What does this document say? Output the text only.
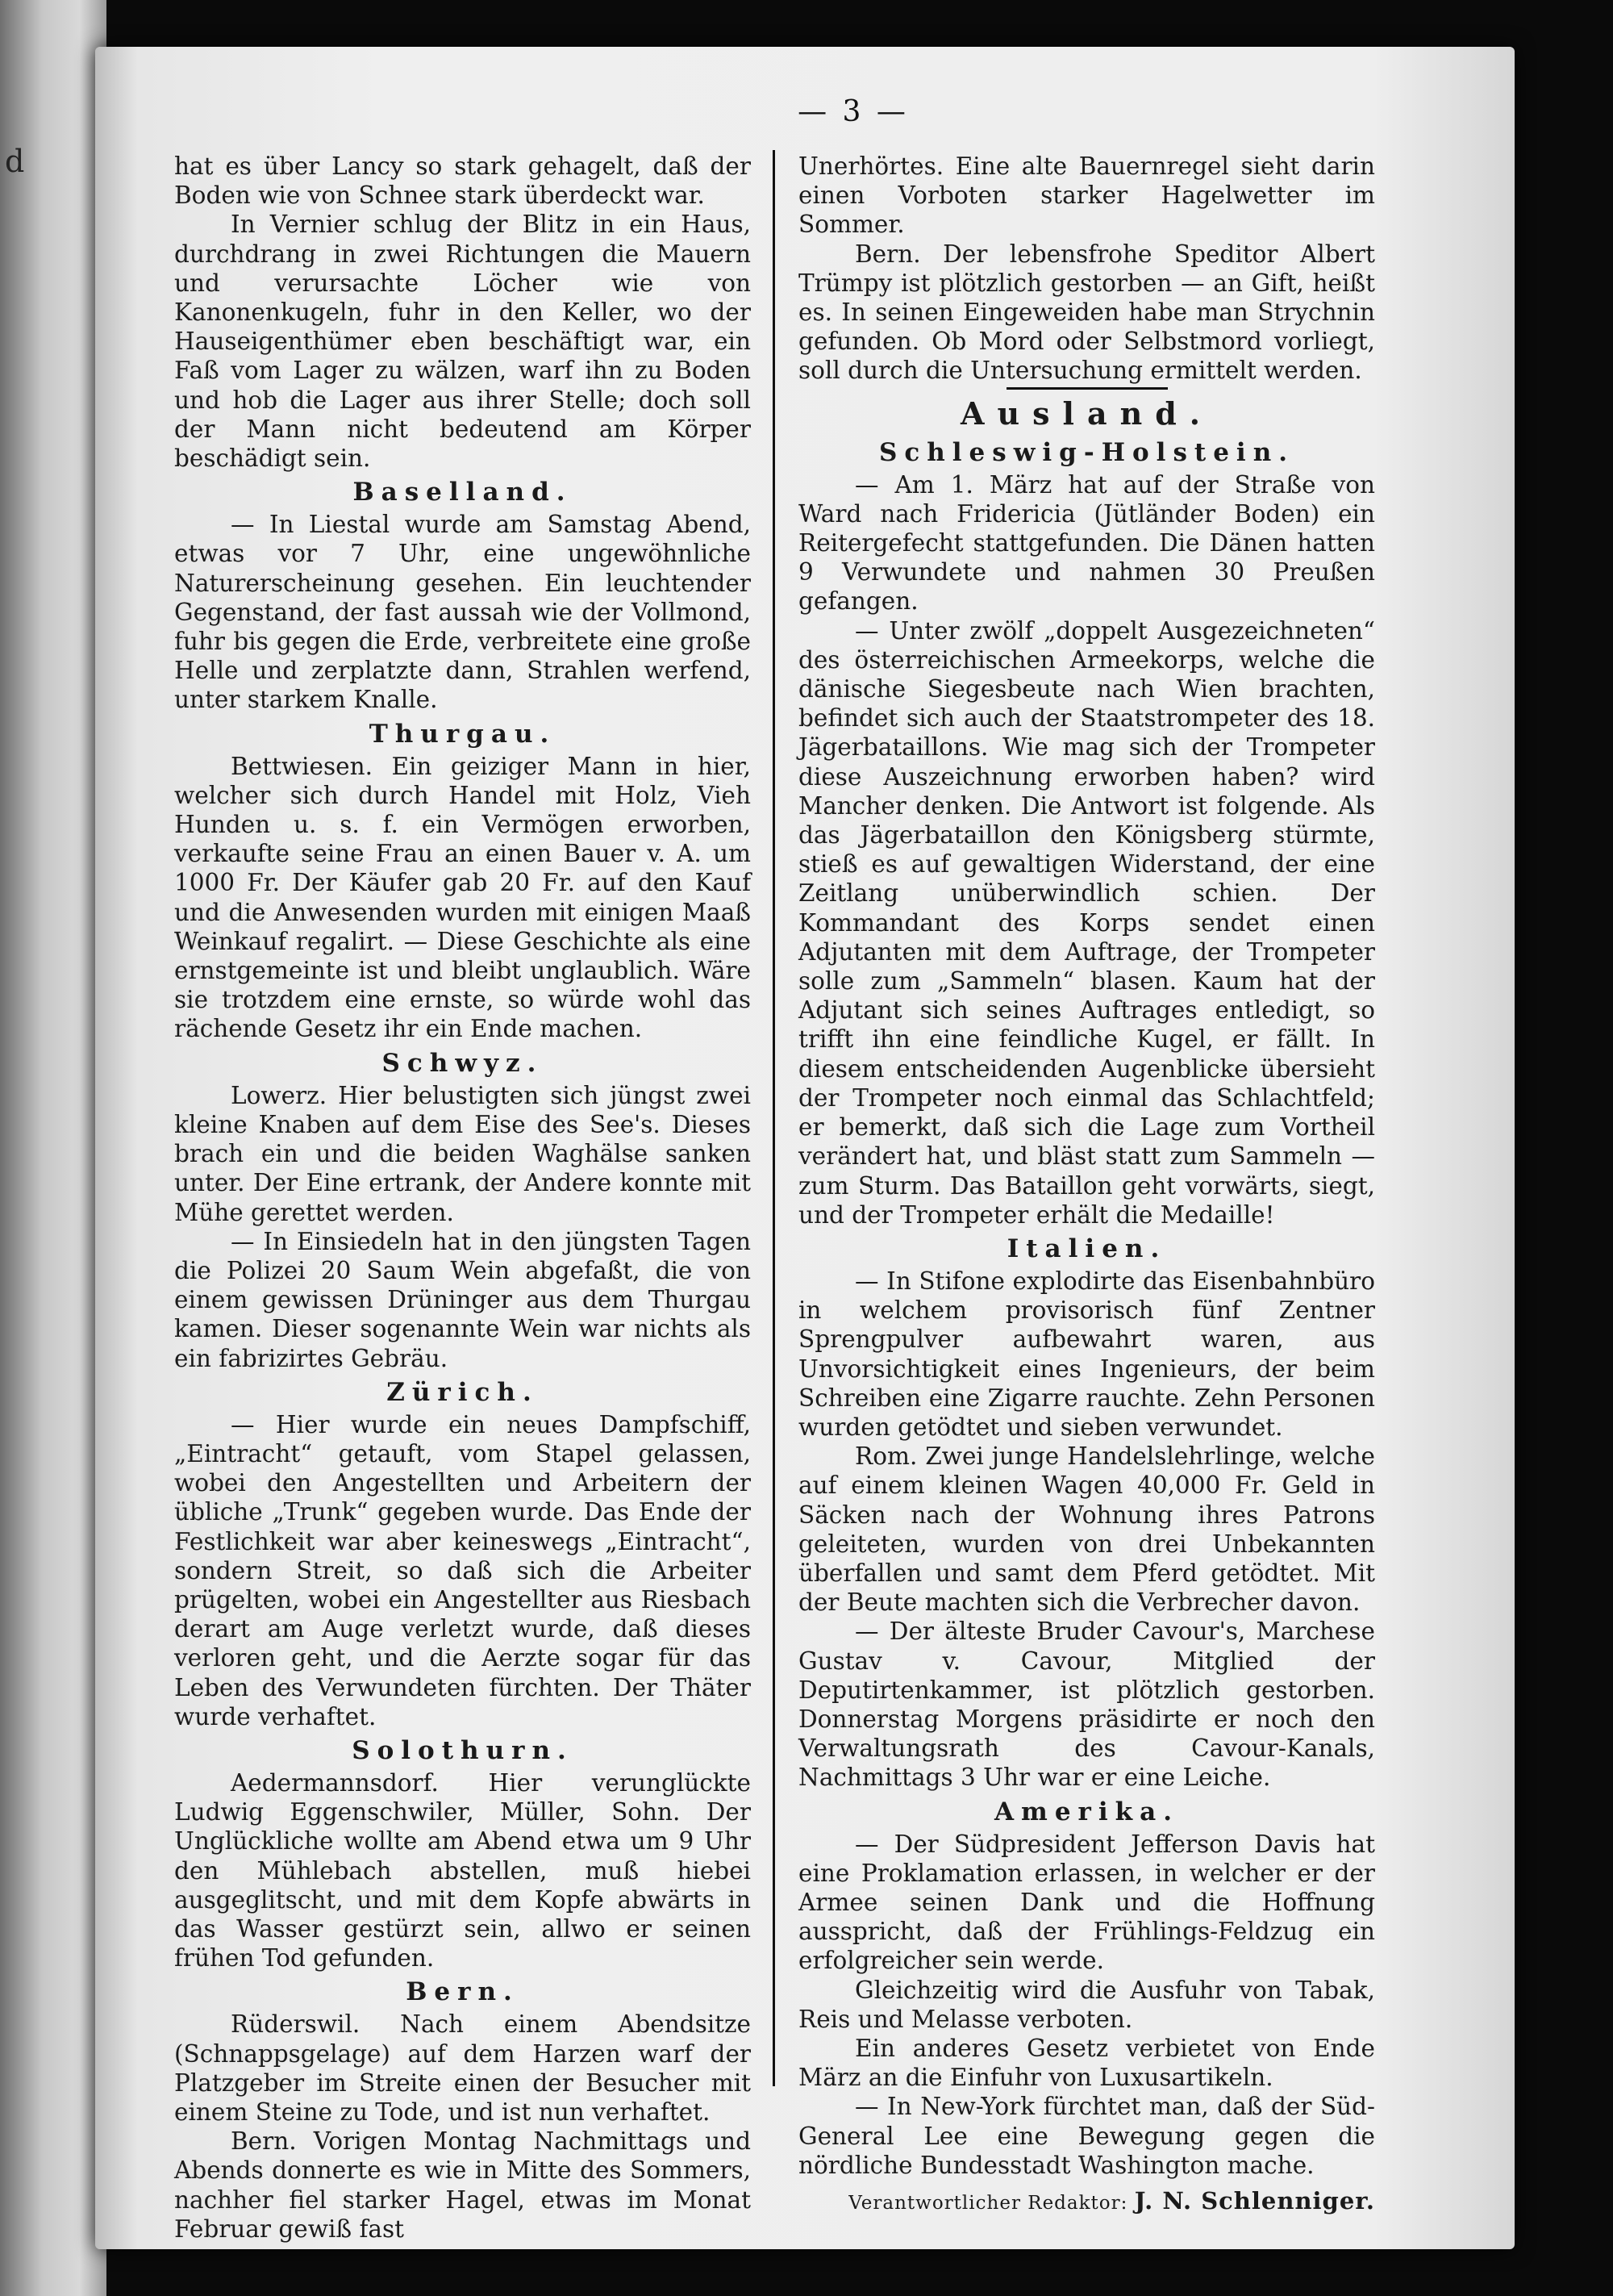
d
— 3 —

hat es über Lancy so stark gehagelt, daß der Boden wie von Schnee stark überdeckt war.

In Vernier schlug der Blitz in ein Haus, durchdrang in zwei Richtungen die Mauern und verursachte Löcher wie von Kanonenkugeln, fuhr in den Keller, wo der Hauseigenthümer eben beschäftigt war, ein Faß vom Lager zu wälzen, warf ihn zu Boden und hob die Lager aus ihrer Stelle; doch soll der Mann nicht bedeutend am Körper beschädigt sein.

Baselland.

— In Liestal wurde am Samstag Abend, etwas vor 7 Uhr, eine ungewöhnliche Naturerscheinung gesehen. Ein leuchtender Gegenstand, der fast aussah wie der Vollmond, fuhr bis gegen die Erde, verbreitete eine große Helle und zerplatzte dann, Strahlen werfend, unter starkem Knalle.

Thurgau.

Bettwiesen. Ein geiziger Mann in hier, welcher sich durch Handel mit Holz, Vieh Hunden u. s. f. ein Vermögen erworben, verkaufte seine Frau an einen Bauer v. A. um 1000 Fr. Der Käufer gab 20 Fr. auf den Kauf und die Anwesenden wurden mit einigen Maaß Weinkauf regalirt. — Diese Geschichte als eine ernstgemeinte ist und bleibt unglaublich. Wäre sie trotzdem eine ernste, so würde wohl das rächende Gesetz ihr ein Ende machen.

Schwyz.

Lowerz. Hier belustigten sich jüngst zwei kleine Knaben auf dem Eise des See's. Dieses brach ein und die beiden Waghälse sanken unter. Der Eine ertrank, der Andere konnte mit Mühe gerettet werden.

— In Einsiedeln hat in den jüngsten Tagen die Polizei 20 Saum Wein abgefaßt, die von einem gewissen Drüninger aus dem Thurgau kamen. Dieser sogenannte Wein war nichts als ein fabrizirtes Gebräu.

Zürich.

— Hier wurde ein neues Dampfschiff, „Eintracht“ getauft, vom Stapel gelassen, wobei den Angestellten und Arbeitern der übliche „Trunk“ gegeben wurde. Das Ende der Festlichkeit war aber keineswegs „Eintracht“, sondern Streit, so daß sich die Arbeiter prügelten, wobei ein Angestellter aus Riesbach derart am Auge verletzt wurde, daß dieses verloren geht, und die Aerzte sogar für das Leben des Verwundeten fürchten. Der Thäter wurde verhaftet.

Solothurn.

Aedermannsdorf. Hier verunglückte Ludwig Eggenschwiler, Müller, Sohn. Der Unglückliche wollte am Abend etwa um 9 Uhr den Mühlebach abstellen, muß hiebei ausgeglitscht, und mit dem Kopfe abwärts in das Wasser gestürzt sein, allwo er seinen frühen Tod gefunden.

Bern.

Rüderswil. Nach einem Abendsitze (Schnappsgelage) auf dem Harzen warf der Platzgeber im Streite einen der Besucher mit einem Steine zu Tode, und ist nun verhaftet.

Bern. Vorigen Montag Nachmittags und Abends donnerte es wie in Mitte des Sommers, nachher fiel starker Hagel, etwas im Monat Februar gewiß fast

Unerhörtes. Eine alte Bauernregel sieht darin einen Vorboten starker Hagelwetter im Sommer.

Bern. Der lebensfrohe Speditor Albert Trümpy ist plötzlich gestorben — an Gift, heißt es. In seinen Eingeweiden habe man Strychnin gefunden. Ob Mord oder Selbstmord vorliegt, soll durch die Untersuchung ermittelt werden.

Ausland.
Schleswig-Holstein.

— Am 1. März hat auf der Straße von Ward nach Fridericia (Jütländer Boden) ein Reitergefecht stattgefunden. Die Dänen hatten 9 Verwundete und nahmen 30 Preußen gefangen.

— Unter zwölf „doppelt Ausgezeichneten“ des österreichischen Armeekorps, welche die dänische Siegesbeute nach Wien brachten, befindet sich auch der Staatstrompeter des 18. Jägerbataillons. Wie mag sich der Trompeter diese Auszeichnung erworben haben? wird Mancher denken. Die Antwort ist folgende. Als das Jägerbataillon den Königsberg stürmte, stieß es auf gewaltigen Widerstand, der eine Zeitlang unüberwindlich schien. Der Kommandant des Korps sendet einen Adjutanten mit dem Auftrage, der Trompeter solle zum „Sammeln“ blasen. Kaum hat der Adjutant sich seines Auftrages entledigt, so trifft ihn eine feindliche Kugel, er fällt. In diesem entscheidenden Augenblicke übersieht der Trompeter noch einmal das Schlachtfeld; er bemerkt, daß sich die Lage zum Vortheil verändert hat, und bläst statt zum Sammeln — zum Sturm. Das Bataillon geht vorwärts, siegt, und der Trompeter erhält die Medaille!

Italien.

— In Stifone explodirte das Eisenbahnbüro in welchem provisorisch fünf Zentner Sprengpulver aufbewahrt waren, aus Unvorsichtigkeit eines Ingenieurs, der beim Schreiben eine Zigarre rauchte. Zehn Personen wurden getödtet und sieben verwundet.

Rom. Zwei junge Handelslehrlinge, welche auf einem kleinen Wagen 40,000 Fr. Geld in Säcken nach der Wohnung ihres Patrons geleiteten, wurden von drei Unbekannten überfallen und samt dem Pferd getödtet. Mit der Beute machten sich die Verbrecher davon.

— Der älteste Bruder Cavour's, Marchese Gustav v. Cavour, Mitglied der Deputirtenkammer, ist plötzlich gestorben. Donnerstag Morgens präsidirte er noch den Verwaltungsrath des Cavour-Kanals, Nachmittags 3 Uhr war er eine Leiche.

Amerika.

— Der Südpresident Jefferson Davis hat eine Proklamation erlassen, in welcher er der Armee seinen Dank und die Hoffnung ausspricht, daß der Frühlings-Feldzug ein erfolgreicher sein werde.

Gleichzeitig wird die Ausfuhr von Tabak, Reis und Melasse verboten.

Ein anderes Gesetz verbietet von Ende März an die Einfuhr von Luxusartikeln.

— In New-York fürchtet man, daß der Süd-General Lee eine Bewegung gegen die nördliche Bundesstadt Washington mache.

Verantwortlicher Redaktor: J. N. Schlenniger.
